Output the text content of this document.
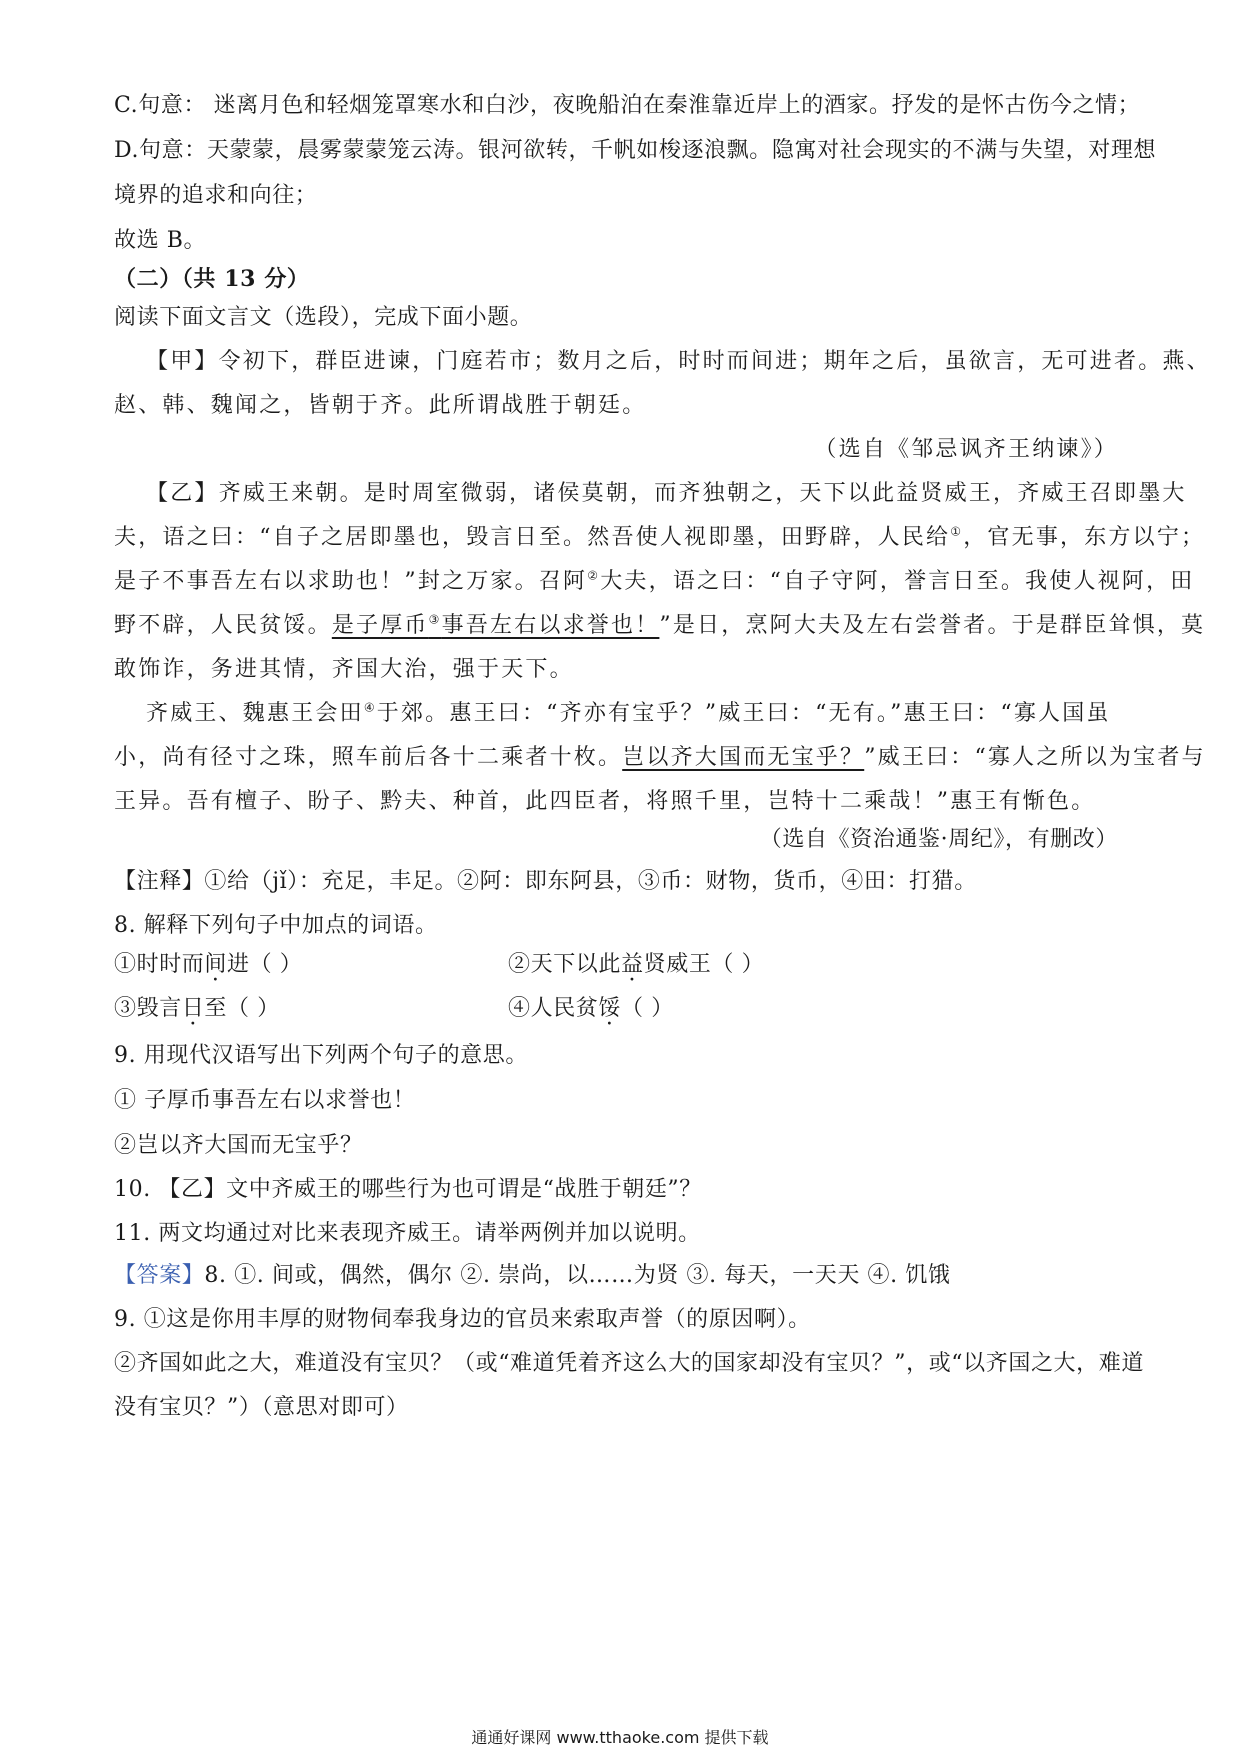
C.句意： 迷离月色和轻烟笼罩寒水和白沙，夜晚船泊在秦淮靠近岸上的酒家。抒发的是怀古伤今之情；
D.句意：天蒙蒙，晨雾蒙蒙笼云涛。银河欲转，千帆如梭逐浪飘。隐寓对社会现实的不满与失望，对理想
境界的追求和向往；
故选 B。
（二）（共 13 分）
阅读下面文言文（选段），完成下面小题。
【甲】令初下，群臣进谏，门庭若市；数月之后，时时而间进；期年之后，虽欲言，无可进者。燕、
赵、韩、魏闻之，皆朝于齐。此所谓战胜于朝廷。
（选自《邹忌讽齐王纳谏》）
【乙】齐威王来朝。是时周室微弱，诸侯莫朝，而齐独朝之，天下以此益贤威王，齐威王召即墨大
夫，语之曰：“自子之居即墨也，毁言日至。然吾使人视即墨，田野辟，人民给①，官无事，东方以宁；
是子不事吾左右以求助也！”封之万家。召阿②大夫，语之曰：“自子守阿，誉言日至。我使人视阿，田
野不辟，人民贫馁。是子厚币③事吾左右以求誉也！”是日，烹阿大夫及左右尝誉者。于是群臣耸惧，莫
敢饰诈，务进其情，齐国大治，强于天下。
齐威王、魏惠王会田④于郊。惠王曰：“齐亦有宝乎？”威王曰：“无有。”惠王曰：“寡人国虽
小，尚有径寸之珠，照车前后各十二乘者十枚。岂以齐大国而无宝乎？”威王曰：“寡人之所以为宝者与
王异。吾有檀子、盼子、黔夫、种首，此四臣者，将照千里，岂特十二乘哉！”惠王有惭色。
（选自《资治通鉴·周纪》，有删改）
【注释】①给（jǐ）：充足，丰足。②阿：即东阿县，③币：财物，货币，④田：打猎。
8. 解释下列句子中加点的词语。
①时时而间进（ ）	②天下以此益贤威王（ ）
③毁言日至（ ）	④人民贫馁（ ）
9. 用现代汉语写出下列两个句子的意思。
① 子厚币事吾左右以求誉也！
②岂以齐大国而无宝乎？
10. 【乙】文中齐威王的哪些行为也可谓是“战胜于朝廷”？
11. 两文均通过对比来表现齐威王。请举两例并加以说明。
【答案】8. ①. 间或，偶然，偶尔 ②. 崇尚，以……为贤 ③. 每天，一天天 ④. 饥饿
9. ①这是你用丰厚的财物伺奉我身边的官员来索取声誉（的原因啊）。
②齐国如此之大，难道没有宝贝？（或“难道凭着齐这么大的国家却没有宝贝？”，或“以齐国之大，难道
没有宝贝？”）（意思对即可）
通通好课网 www.tthaoke.com 提供下载
